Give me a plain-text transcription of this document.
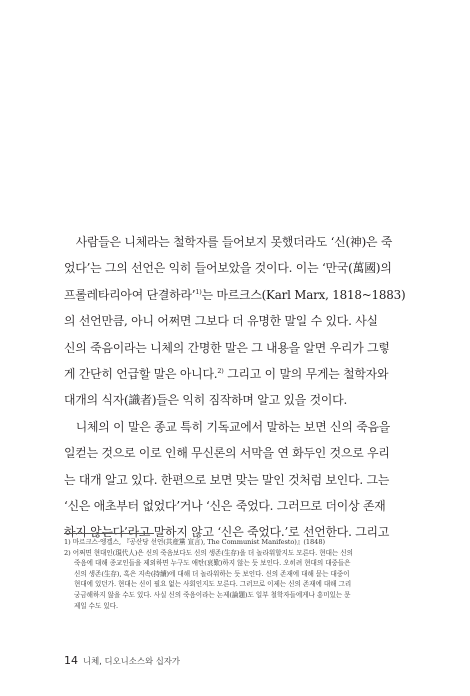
　사람들은 니체라는 철학자를 들어보지 못했더라도 ‘신(神)은 죽
었다’는 그의 선언은 익히 들어보았을 것이다. 이는 ‘만국(萬國)의
프롤레타리아여 단결하라’$^{1)}$는 마르크스(Karl Marx, 1818~1883)
의 선언만큼, 아니 어쩌면 그보다 더 유명한 말일 수 있다. 사실
신의 죽음이라는 니체의 간명한 말은 그 내용을 알면 우리가 그렇
게 간단히 언급할 말은 아니다.$^{2)}$ 그리고 이 말의 무게는 철학자와
대개의 식자(識者)들은 익히 짐작하며 알고 있을 것이다.
　니체의 이 말은 종교 특히 기독교에서 말하는 보면 신의 죽음을
일컫는 것으로 이로 인해 무신론의 서막을 연 화두인 것으로 우리
는 대개 알고 있다. 한편으로 보면 맞는 말인 것처럼 보인다. 그는
‘신은 애초부터 없었다’거나 ‘신은 죽었다. 그러므로 더이상 존재
하지 않는다’라고 말하지 않고 ‘신은 죽었다.’로 선언한다. 그리고
1) 마르크스·엥겔스, 『공산당 선언(共産黨 宣言), The Communist Manifesto)』(1848)
2) 어쩌면 현대인(現代人)은 신의 죽음보다도 신의 생존(生存)을 더 놀라워할지도 모른다. 현대는 신의
죽음에 대해 종교인들을 제외하면 누구도 애탄(哀歎)하지 않는 듯 보인다. 오히려 현대의 대중들은
신의 생존(生存), 혹은 지속(持續)에 대해 더 놀라워하는 듯 보인다. 신의 존재에 대해 묻는 대중이
현대에 있던가. 현대는 신이 필요 없는 사회인지도 모른다. 그러므로 이제는 신의 존재에 대해 그리
궁금해하지 않을 수도 있다. 사실 신의 죽음이라는 논제(論題)도 일부 철학자들에게나 흥미있는 문
제일 수도 있다.
14 니체, 디오니소스와 십자가
